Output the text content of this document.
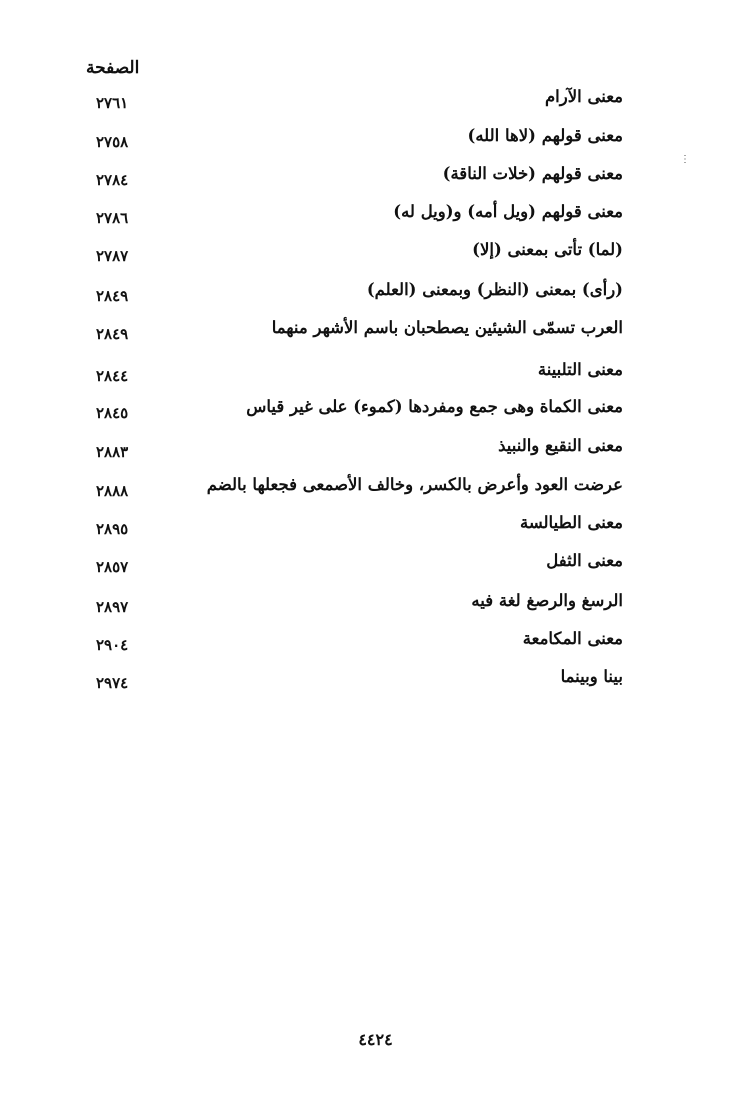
الصفحة
⋮
معنى الآرام
٢٧٦١
معنى قولهم (لاها الله)
٢٧٥٨
معنى قولهم (خلات الناقة)
٢٧٨٤
معنى قولهم (ويل أمه) و(ويل له)
٢٧٨٦
(لما) تأتى بمعنى (إلا)
٢٧٨٧
(رأى) بمعنى (النظر) وبمعنى (العلم)
٢٨٤٩
العرب تسمّى الشيئين يصطحبان باسم الأشهر منهما
٢٨٤٩
معنى التلبينة
٢٨٤٤
معنى الكماة وهى جمع ومفردها (كموء) على غير قياس
٢٨٤٥
معنى النقيع والنبيذ
٢٨٨٣
عرضت العود وأعرض بالكسر، وخالف الأصمعى فجعلها بالضم
٢٨٨٨
معنى الطيالسة
٢٨٩٥
معنى الثفل
٢٨٥٧
الرسغ والرصغ لغة فيه
٢٨٩٧
معنى المكامعة
٢٩٠٤
بينا وبينما
٢٩٧٤
٤٤٢٤
